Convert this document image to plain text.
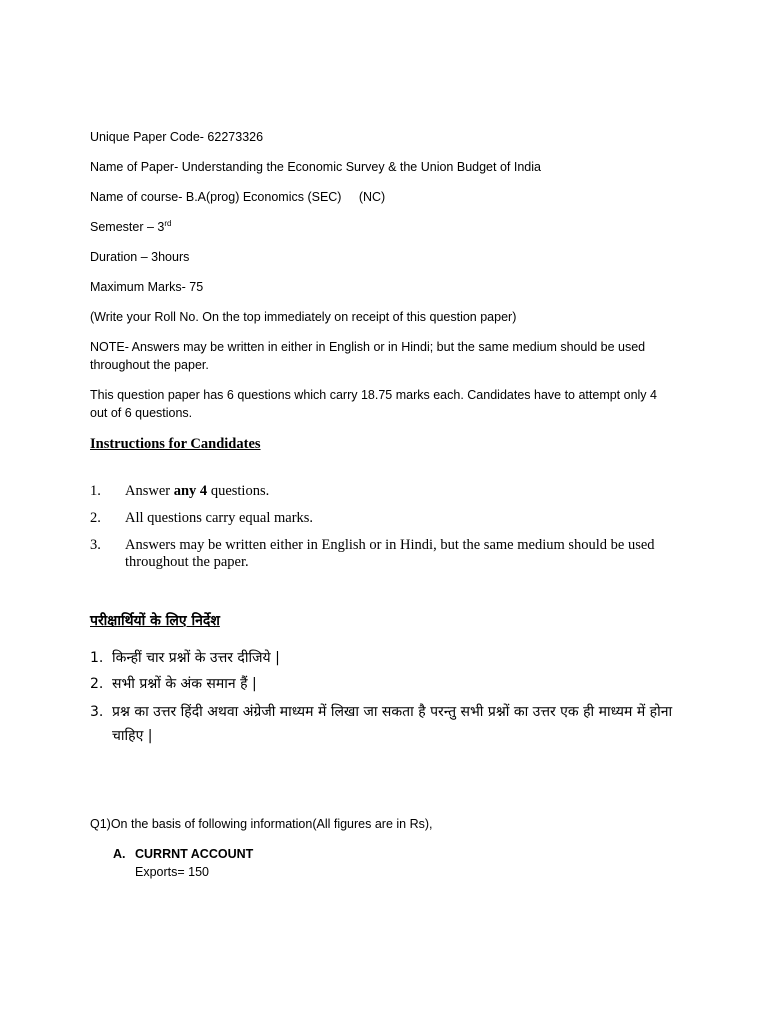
Unique Paper Code- 62273326
Name of Paper- Understanding the Economic Survey & the Union Budget of India
Name of course- B.A(prog) Economics (SEC)     (NC)
Semester – 3rd
Duration – 3hours
Maximum Marks- 75
(Write your Roll No. On the top immediately on receipt of this question paper)
NOTE- Answers may be written in either in English or in Hindi; but the same medium should be used throughout the paper.
This question paper has 6 questions which carry 18.75 marks each. Candidates have to attempt only 4 out of 6 questions.
Instructions for Candidates
1. Answer any 4 questions.
2. All questions carry equal marks.
3. Answers may be written either in English or in Hindi, but the same medium should be used throughout the paper.
परीक्षार्थियों के लिए निर्देश
1. किन्हीं चार प्रश्नों के उत्तर दीजिये |
2. सभी प्रश्नों के अंक समान हैं |
3. प्रश्न का उत्तर हिंदी अथवा अंग्रेजी माध्यम में लिखा जा सकता है परन्तु सभी प्रश्नों का उत्तर एक ही माध्यम में होना चाहिए |
Q1)On the basis of following information(All figures are in Rs),
A. CURRNT ACCOUNT
Exports= 150
